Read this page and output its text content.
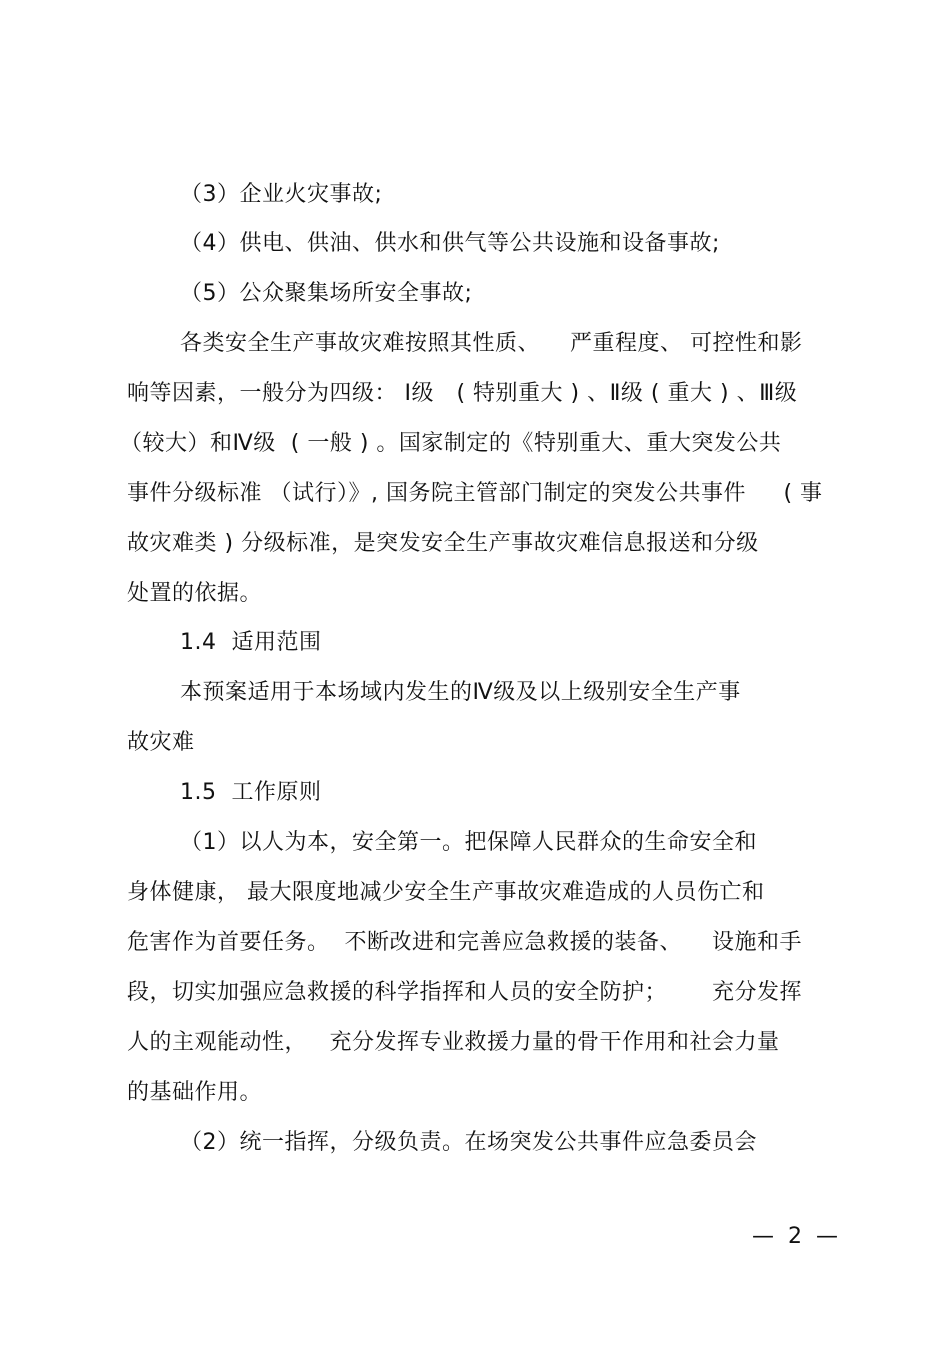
（3）企业火灾事故;
（4）供电、供油、供水和供气等公共设施和设备事故;
（5）公众聚集场所安全事故;
各类安全生产事故灾难按照其性质、    严重程度、 可控性和影
响等因素，一般分为四级： Ⅰ级   ( 特别重大 ) 、Ⅱ级 ( 重大 ) 、Ⅲ级
（较大）和Ⅳ级  ( 一般 ) 。国家制定的《特别重大、重大突发公共
事件分级标准 （试行）》, 国务院主管部门制定的突发公共事件     ( 事
故灾难类 ) 分级标准，是突发安全生产事故灾难信息报送和分级
处置的依据。
1.4  适用范围
本预案适用于本场域内发生的Ⅳ级及以上级别安全生产事
故灾难
1.5  工作原则
（1）以人为本，安全第一。把保障人民群众的生命安全和
身体健康， 最大限度地减少安全生产事故灾难造成的人员伤亡和
危害作为首要任务。  不断改进和完善应急救援的装备、    设施和手
段，切实加强应急救援的科学指挥和人员的安全防护；      充分发挥
人的主观能动性，   充分发挥专业救援力量的骨干作用和社会力量
的基础作用。
（2）统一指挥，分级负责。在场突发公共事件应急委员会
—  2  —
